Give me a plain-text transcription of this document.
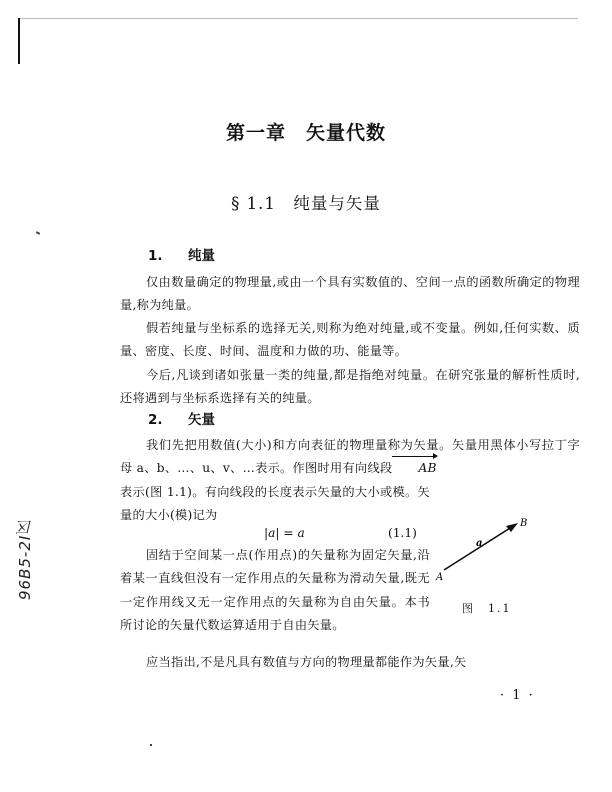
96B5-2I区
第一章　矢量代数
§ 1.1　纯量与矢量
1. 纯量

仅由数量确定的物理量,或由一个具有实数值的、空间一点的函数所确定的物理量,称为纯量。

假若纯量与坐标系的选择无关,则称为绝对纯量,或不变量。例如,任何实数、质量、密度、长度、时间、温度和力做的功、能量等。

今后,凡谈到诸如张量一类的纯量,都是指绝对纯量。在研究张量的解析性质时,还将遇到与坐标系选择有关的纯量。

2. 矢量

我们先把用数值(大小)和方向表征的物理量称为矢量。矢量用黑体小写拉丁字母 a、b、…、u、v、…表示。作图时用有向线段 AB

表示(图 1.1)。有向线段的长度表示矢量的大小或模。矢量的大小(模)记为

|a| = a	(1.1)

固结于空间某一点(作用点)的矢量称为固定矢量,沿着某一直线但没有一定作用点的矢量称为滑动矢量,既无一定作用线又无一定作用点的矢量称为自由矢量。本书所讨论的矢量代数运算适用于自由矢量。

A
B
a
图　1.1

应当指出,不是凡具有数值与方向的物理量都能作为矢量,矢

· 1 ·
